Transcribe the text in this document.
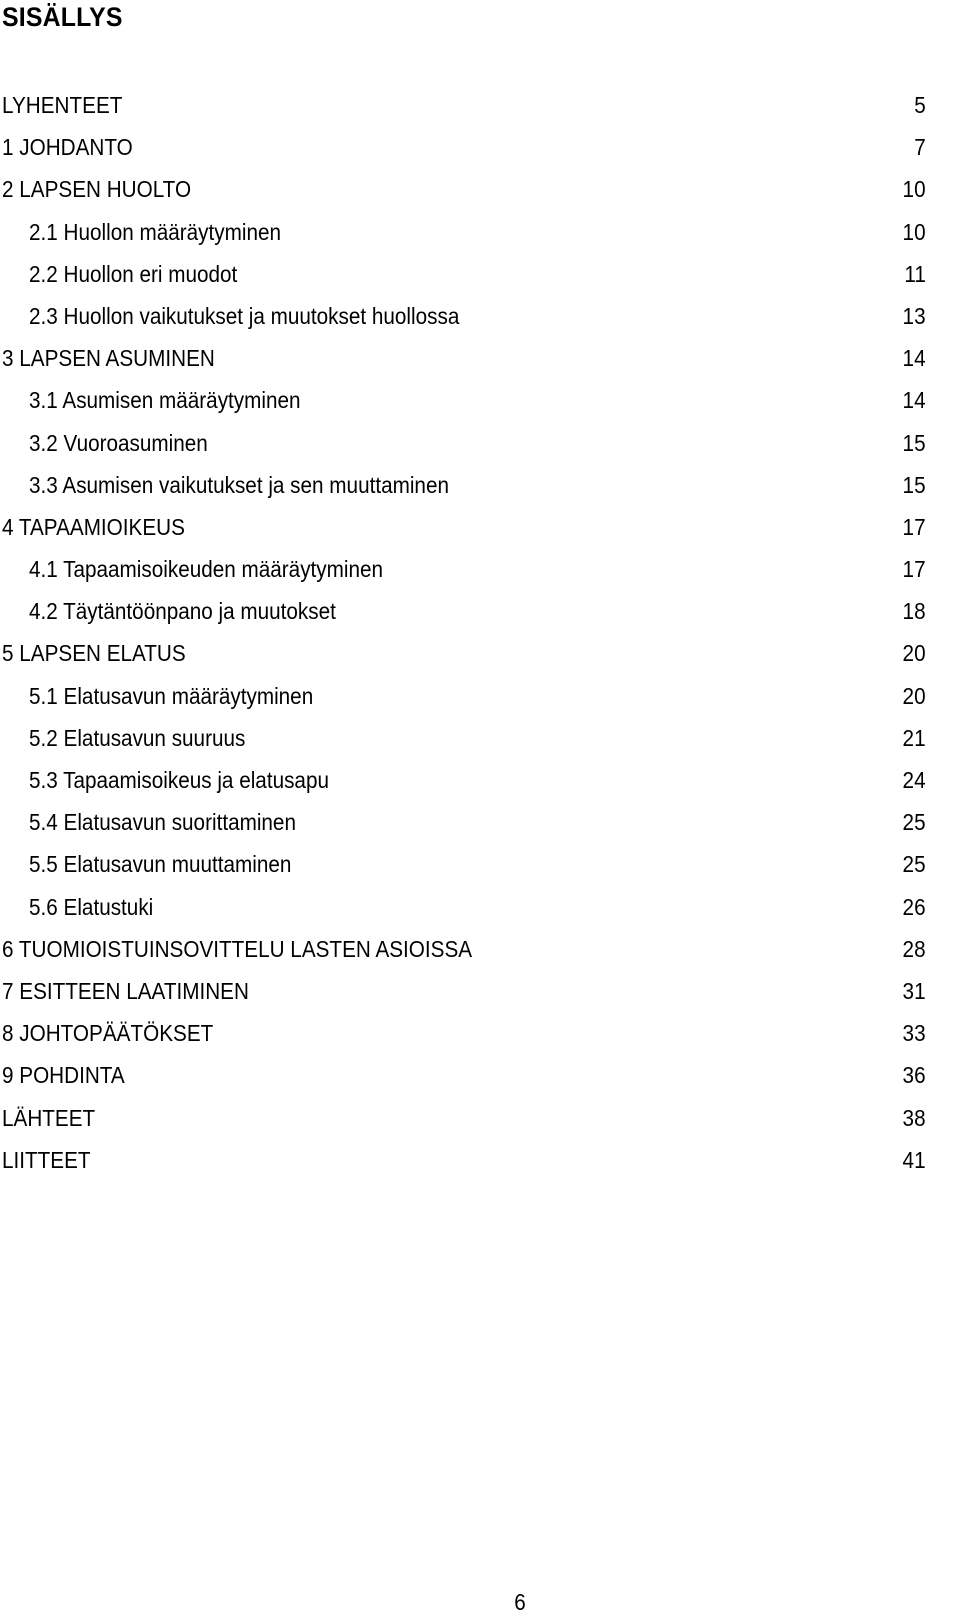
SISÄLLYS
LYHENTEET	5
1 JOHDANTO	7
2 LAPSEN HUOLTO	10
2.1 Huollon määräytyminen	10
2.2 Huollon eri muodot	11
2.3 Huollon vaikutukset ja muutokset huollossa	13
3 LAPSEN ASUMINEN	14
3.1 Asumisen määräytyminen	14
3.2 Vuoroasuminen	15
3.3 Asumisen vaikutukset ja sen muuttaminen	15
4 TAPAAMIOIKEUS	17
4.1 Tapaamisoikeuden määräytyminen	17
4.2 Täytäntöönpano ja muutokset	18
5 LAPSEN ELATUS	20
5.1 Elatusavun määräytyminen	20
5.2 Elatusavun suuruus	21
5.3 Tapaamisoikeus ja elatusapu	24
5.4 Elatusavun suorittaminen	25
5.5 Elatusavun muuttaminen	25
5.6 Elatustuki	26
6 TUOMIOISTUINSOVITTELU LASTEN ASIOISSA	28
7 ESITTEEN LAATIMINEN	31
8 JOHTOPÄÄTÖKSET	33
9 POHDINTA	36
LÄHTEET	38
LIITTEET	41
6
